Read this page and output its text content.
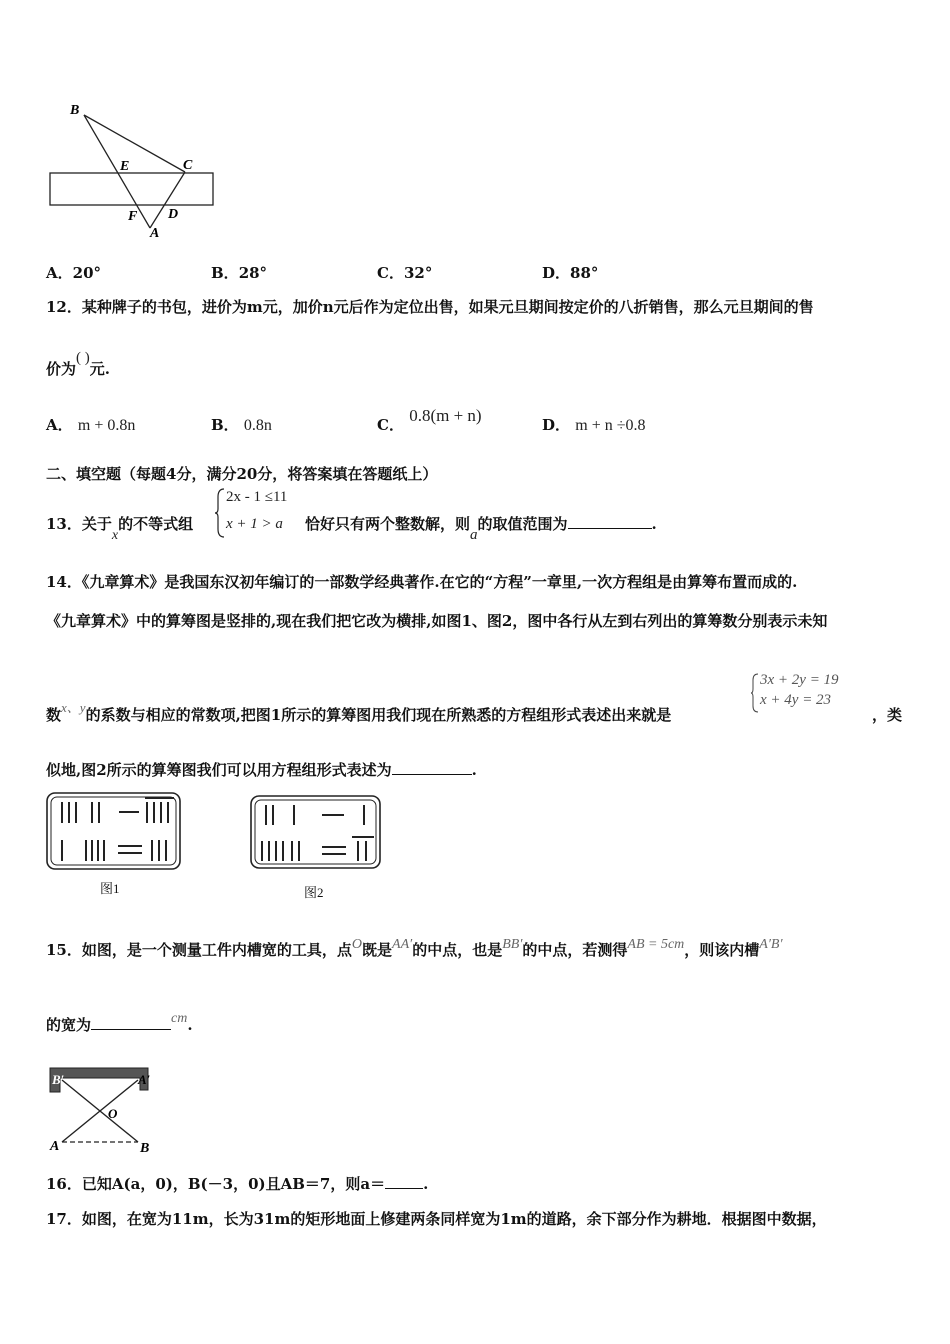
B
E	C
F D
A
A．20°	B．28°	C．32°	D．88°
12．某种牌子的书包，进价为m元，加价n元后作为定位出售，如果元旦期间按定价的八折销售，那么元旦期间的售
价为( )元.
A． m + 0.8n	B． 0.8n	C． 0.8(m + n)	D． m + n ÷0.8
二、填空题（每题4分，满分20分，将答案填在答题纸上）
13．关于x的不等式组
2x - 1 ≤11
x + 1 > a 恰好只有两个整数解，则a的取值范围为	.
14．《九章算术》是我国东汉初年编订的一部数学经典著作.在它的“方程”一章里,一次方程组是由算筹布置而成的.
《九章算术》中的算筹图是竖排的,现在我们把它改为横排,如图1、图2，图中各行从左到右列出的算筹数分别表示未知
数x、y的系数与相应的常数项,把图1所示的算筹图用我们现在所熟悉的方程组形式表述出来就是
3x + 2y = 19
x + 4y = 23
，类
似地,图2所示的算筹图我们可以用方程组形式表述为	.
图1	图2
15．如图，是一个测量工件内槽宽的工具，点O既是AA′的中点，也是BB′的中点，若测得AB = 5cm，则该内槽A′B′
的宽为	cm.
B′	A′
O
A	B
16．已知A(a，0)，B(－3，0)且AB＝7，则a＝	.
17．如图，在宽为11m，长为31m的矩形地面上修建两条同样宽为1m的道路，余下部分作为耕地．根据图中数据，
